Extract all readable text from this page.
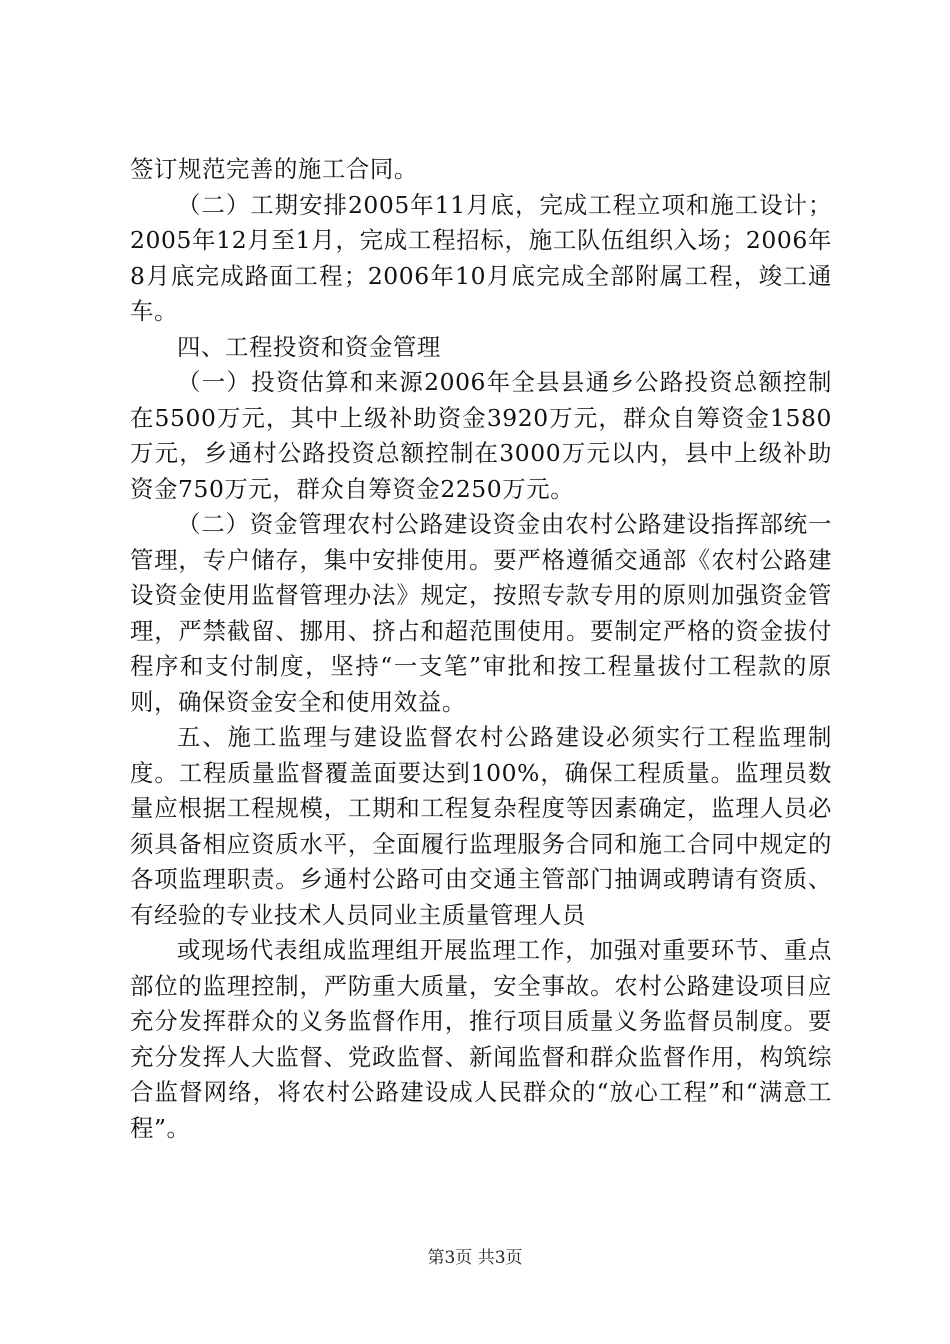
签订规范完善的施工合同。

（二）工期安排2005年11月底，完成工程立项和施工设计；2005年12月至1月，完成工程招标，施工队伍组织入场；2006年8月底完成路面工程；2006年10月底完成全部附属工程，竣工通车。

四、工程投资和资金管理

（一）投资估算和来源2006年全县县通乡公路投资总额控制在5500万元，其中上级补助资金3920万元，群众自筹资金1580万元，乡通村公路投资总额控制在3000万元以内，县中上级补助资金750万元，群众自筹资金2250万元。

（二）资金管理农村公路建设资金由农村公路建设指挥部统一管理，专户储存，集中安排使用。要严格遵循交通部《农村公路建设资金使用监督管理办法》规定，按照专款专用的原则加强资金管理，严禁截留、挪用、挤占和超范围使用。要制定严格的资金拔付程序和支付制度，坚持“一支笔”审批和按工程量拔付工程款的原则，确保资金安全和使用效益。

五、施工监理与建设监督农村公路建设必须实行工程监理制度。工程质量监督覆盖面要达到100%，确保工程质量。监理员数量应根据工程规模，工期和工程复杂程度等因素确定，监理人员必须具备相应资质水平，全面履行监理服务合同和施工合同中规定的各项监理职责。乡通村公路可由交通主管部门抽调或聘请有资质、有经验的专业技术人员同业主质量管理人员

或现场代表组成监理组开展监理工作，加强对重要环节、重点部位的监理控制，严防重大质量，安全事故。农村公路建设项目应充分发挥群众的义务监督作用，推行项目质量义务监督员制度。要充分发挥人大监督、党政监督、新闻监督和群众监督作用，构筑综合监督网络，将农村公路建设成人民群众的“放心工程”和“满意工程”。

第3页 共3页
